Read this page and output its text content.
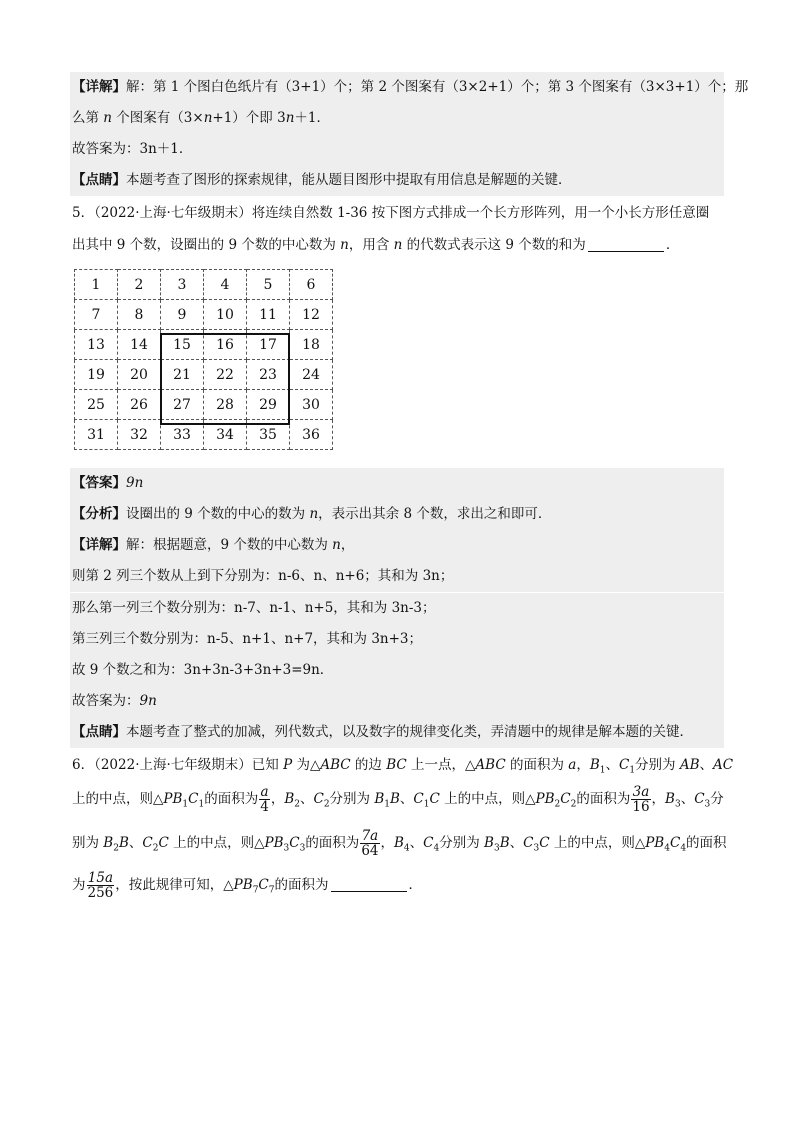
【详解】解：第 1 个图白色纸片有（3+1）个；第 2 个图案有（3×2+1）个；第 3 个图案有（3×3+1）个；那
么第 n 个图案有（3×n+1）个即 3n＋1．
故答案为：3n＋1．
【点睛】本题考查了图形的探索规律，能从题目图形中提取有用信息是解题的关键．
5．（2022·上海·七年级期末）将连续自然数 1-36 按下图方式排成一个长方形阵列，用一个小长方形任意圈
出其中 9 个数，设圈出的 9 个数的中心数为 n，用含 n 的代数式表示这 9 个数的和为	．
1	2	3	4	5	6
7	8	9	10	11	12
13	14	15	16	17	18
19	20	21	22	23	24
25	26	27	28	29	30
31	32	33	34	35	36
【答案】9n
【分析】设圈出的 9 个数的中心的数为 n，表示出其余 8 个数，求出之和即可．
【详解】解：根据题意，9 个数的中心数为 n，
则第 2 列三个数从上到下分别为：n-6、n、n+6；其和为 3n；
那么第一列三个数分别为：n-7、n-1、n+5，其和为 3n-3；
第三列三个数分别为：n-5、n+1、n+7，其和为 3n+3；
故 9 个数之和为：3n+3n-3+3n+3=9n．
故答案为：9n
【点睛】本题考查了整式的加减，列代数式，以及数字的规律变化类，弄清题中的规律是解本题的关键．
6．（2022·上海·七年级期末）已知 P 为△ABC 的边 BC 上一点，△ABC 的面积为 a，$B_1$、$C_1$分别为 AB、AC
上的中点，则$\triangle PB_1C_1$的面积为 $\frac{a}{4}$ ，$B_2$、$C_2$分别为 $B_1B$、$C_1C$ 上的中点，则$\triangle PB_2C_2$的面积为 $\frac{3a}{16}$ ，$B_3$、$C_3$分
别为 $B_2B$、$C_2C$ 上的中点，则$\triangle PB_3C_3$的面积为 $\frac{7a}{64}$ ，$B_4$、$C_4$分别为 $B_3B$、$C_3C$ 上的中点，则$\triangle PB_4C_4$的面积
为 $\frac{15a}{256}$ ，按此规律可知，$\triangle PB_7C_7$的面积为	．
